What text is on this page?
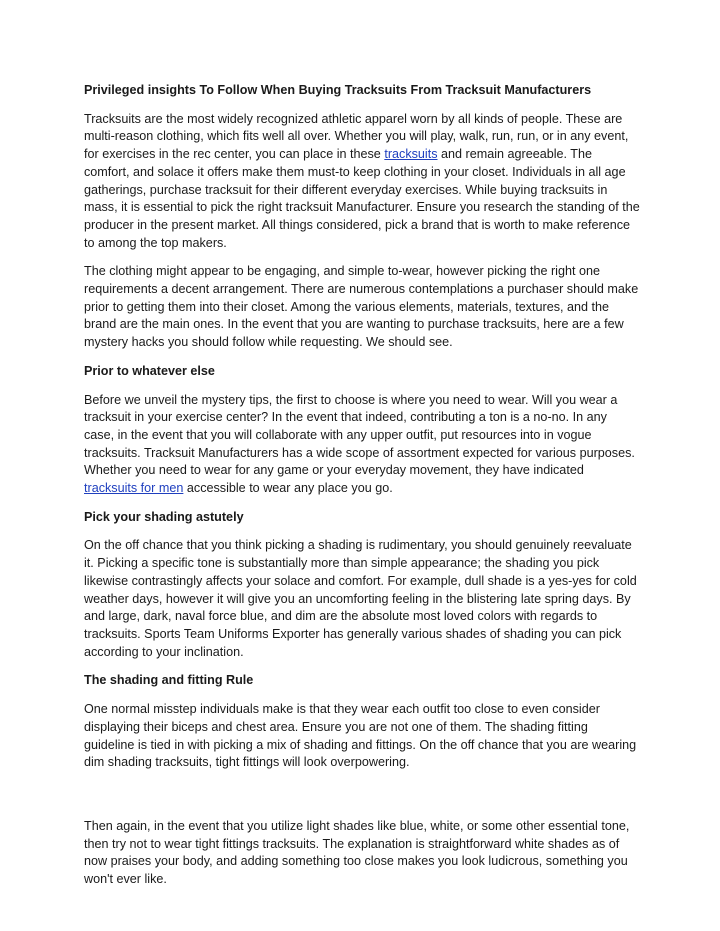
Privileged insights To Follow When Buying Tracksuits From Tracksuit Manufacturers

Tracksuits are the most widely recognized athletic apparel worn by all kinds of people. These are multi-reason clothing, which fits well all over. Whether you will play, walk, run, run, or in any event, for exercises in the rec center, you can place in these tracksuits and remain agreeable. The comfort, and solace it offers make them must-to keep clothing in your closet. Individuals in all age gatherings, purchase tracksuit for their different everyday exercises. While buying tracksuits in mass, it is essential to pick the right tracksuit Manufacturer. Ensure you research the standing of the producer in the present market. All things considered, pick a brand that is worth to make reference to among the top makers.

The clothing might appear to be engaging, and simple to-wear, however picking the right one requirements a decent arrangement. There are numerous contemplations a purchaser should make prior to getting them into their closet. Among the various elements, materials, textures, and the brand are the main ones. In the event that you are wanting to purchase tracksuits, here are a few mystery hacks you should follow while requesting. We should see.

Prior to whatever else

Before we unveil the mystery tips, the first to choose is where you need to wear. Will you wear a tracksuit in your exercise center? In the event that indeed, contributing a ton is a no-no. In any case, in the event that you will collaborate with any upper outfit, put resources into in vogue tracksuits. Tracksuit Manufacturers has a wide scope of assortment expected for various purposes. Whether you need to wear for any game or your everyday movement, they have indicated tracksuits for men accessible to wear any place you go.

Pick your shading astutely

On the off chance that you think picking a shading is rudimentary, you should genuinely reevaluate it. Picking a specific tone is substantially more than simple appearance; the shading you pick likewise contrastingly affects your solace and comfort. For example, dull shade is a yes-yes for cold weather days, however it will give you an uncomforting feeling in the blistering late spring days. By and large, dark, naval force blue, and dim are the absolute most loved colors with regards to tracksuits. Sports Team Uniforms Exporter has generally various shades of shading you can pick according to your inclination.

The shading and fitting Rule

One normal misstep individuals make is that they wear each outfit too close to even consider displaying their biceps and chest area. Ensure you are not one of them. The shading fitting guideline is tied in with picking a mix of shading and fittings. On the off chance that you are wearing dim shading tracksuits, tight fittings will look overpowering.

Then again, in the event that you utilize light shades like blue, white, or some other essential tone, then try not to wear tight fittings tracksuits. The explanation is straightforward white shades as of now praises your body, and adding something too close makes you look ludicrous, something you won't ever like.
